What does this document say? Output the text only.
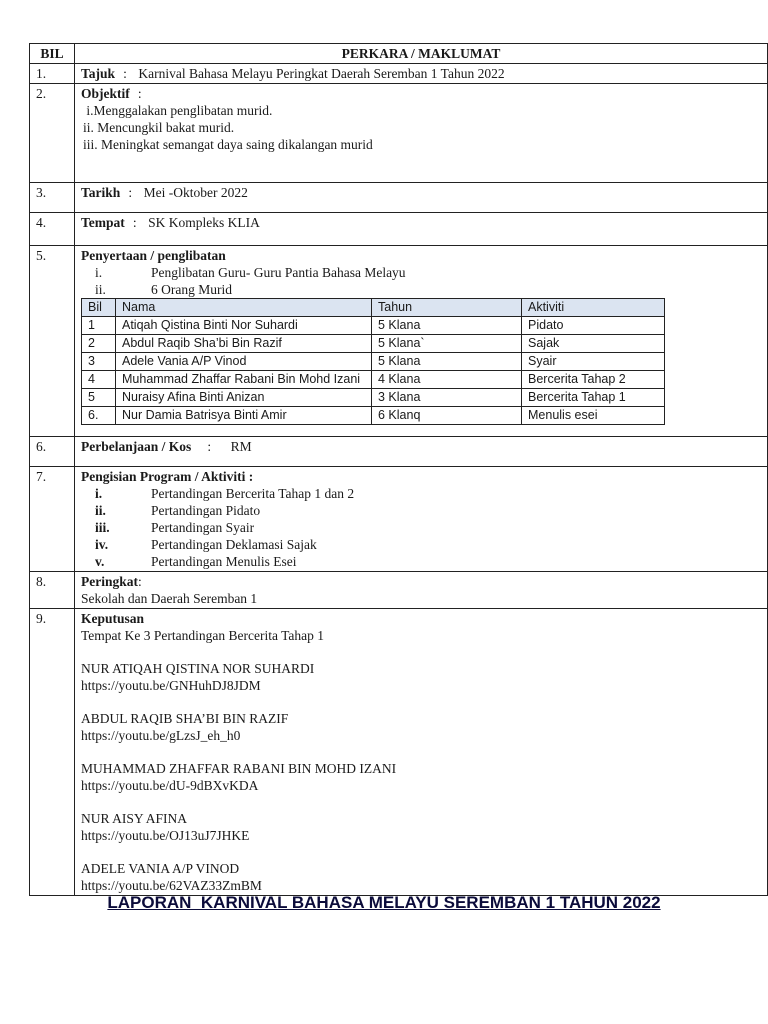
BIL	PERKARA / MAKLUMAT
1.	Tajuk : Karnival Bahasa Melayu Peringkat Daerah Seremban 1 Tahun 2022
2.	Objektif :
i.Menggalakan penglibatan murid.
ii. Mencungkil bakat murid.
iii. Meningkat semangat daya saing dikalangan murid

3.	Tarikh : Mei -Oktober 2022
4.	Tempat : SK Kompleks KLIA
5.	Penyertaan / penglibatan
i.	Penglibatan Guru- Guru Pantia Bahasa Melayu
ii.	6 Orang Murid
Bil	Nama	Tahun	Aktiviti
1	Atiqah Qistina Binti Nor Suhardi	5 Klana	Pidato
2	Abdul Raqib Sha’bi Bin Razif	5 Klana`	Sajak
3	Adele Vania A/P Vinod	5 Klana	Syair
4	Muhammad Zhaffar Rabani Bin Mohd Izani	4 Klana	Bercerita Tahap 2
5	Nuraisy Afina Binti Anizan	3 Klana	Bercerita Tahap 1
6.	Nur Damia Batrisya Binti Amir	6 Klanq	Menulis esei

6.	Perbelanjaan / Kos : RM
7.	Pengisian Program / Aktiviti :
i.	Pertandingan Bercerita Tahap 1 dan 2
ii.	Pertandingan Pidato
iii.	Pertandingan Syair
iv.	Pertandingan Deklamasi Sajak
v.	Pertandingan Menulis Esei

8.	Peringkat:
Sekolah dan Daerah Seremban 1
9.	Keputusan
Tempat Ke 3 Pertandingan Bercerita Tahap 1
NUR ATIQAH QISTINA NOR SUHARDI
https://youtu.be/GNHuhDJ8JDM
ABDUL RAQIB SHA’BI BIN RAZIF
https://youtu.be/gLzsJ_eh_h0
MUHAMMAD ZHAFFAR RABANI BIN MOHD IZANI
https://youtu.be/dU-9dBXvKDA
NUR AISY AFINA
https://youtu.be/OJ13uJ7JHKE
ADELE VANIA A/P VINOD
https://youtu.be/62VAZ33ZmBM
LAPORAN  KARNIVAL BAHASA MELAYU SEREMBAN 1 TAHUN 2022
